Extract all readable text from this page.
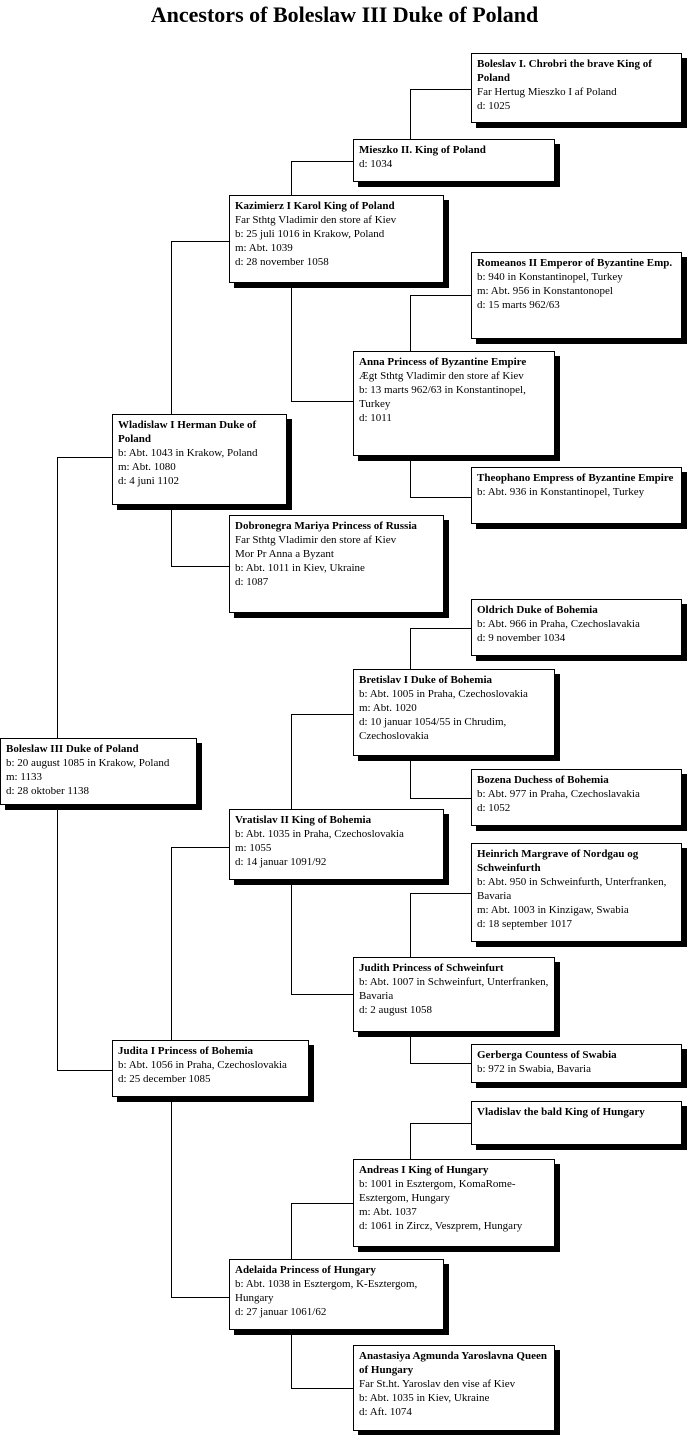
Ancestors of Boleslaw III Duke of Poland
Boleslaw III Duke of Poland
b: 20 august 1085 in Krakow, Poland
m: 1133
d: 28 oktober 1138
Wladislaw I Herman Duke of Poland
b: Abt. 1043 in Krakow, Poland
m: Abt. 1080
d: 4 juni 1102
Judita I Princess of Bohemia
b: Abt. 1056 in Praha, Czechoslovakia
d: 25 december 1085
Kazimierz I Karol King of Poland
Far Sthtg Vladimir den store af Kiev
b: 25 juli 1016 in Krakow, Poland
m: Abt. 1039
d: 28 november 1058
Dobronegra Mariya Princess of Russia
Far Sthtg Vladimir den store af Kiev
Mor Pr Anna a Byzant
b: Abt. 1011 in Kiev, Ukraine
d: 1087
Vratislav II King of Bohemia
b: Abt. 1035 in Praha, Czechoslovakia
m: 1055
d: 14 januar 1091/92
Adelaida Princess of Hungary
b: Abt. 1038 in Esztergom, K-Esztergom, Hungary
d: 27 januar 1061/62
Mieszko II. King of Poland
d: 1034
Anna Princess of Byzantine Empire
Ægt Sthtg Vladimir den store af Kiev
b: 13 marts 962/63 in Konstantinopel, Turkey
d: 1011
Bretislav I Duke of Bohemia
b: Abt. 1005 in Praha, Czechoslovakia
m: Abt. 1020
d: 10 januar 1054/55 in Chrudim, Czechoslovakia
Judith Princess of Schweinfurt
b: Abt. 1007 in Schweinfurt, Unterfranken, Bavaria
d: 2 august 1058
Andreas I King of Hungary
b: 1001 in Esztergom, KomaRome-Esztergom, Hungary
m: Abt. 1037
d: 1061 in Zircz, Veszprem, Hungary
Anastasiya Agmunda Yaroslavna Queen of Hungary
Far St.ht. Yaroslav den vise af Kiev
b: Abt. 1035 in Kiev, Ukraine
d: Aft. 1074
Boleslav I. Chrobri the brave King of Poland
Far Hertug Mieszko I af Poland
d: 1025
Romeanos II Emperor of Byzantine Emp.
b: 940 in Konstantinopel, Turkey
m: Abt. 956 in Konstantonopel
d: 15 marts 962/63
Theophano Empress of Byzantine Empire
b: Abt. 936 in Konstantinopel, Turkey
Oldrich Duke of Bohemia
b: Abt. 966 in Praha, Czechoslavakia
d: 9 november 1034
Bozena Duchess of Bohemia
b: Abt. 977 in Praha, Czechoslavakia
d: 1052
Heinrich Margrave of Nordgau og Schweinfurth
b: Abt. 950 in Schweinfurth, Unterfranken, Bavaria
m: Abt. 1003 in Kinzigaw, Swabia
d: 18 september 1017
Gerberga Countess of Swabia
b: 972 in Swabia, Bavaria
Vladislav the bald King of Hungary
